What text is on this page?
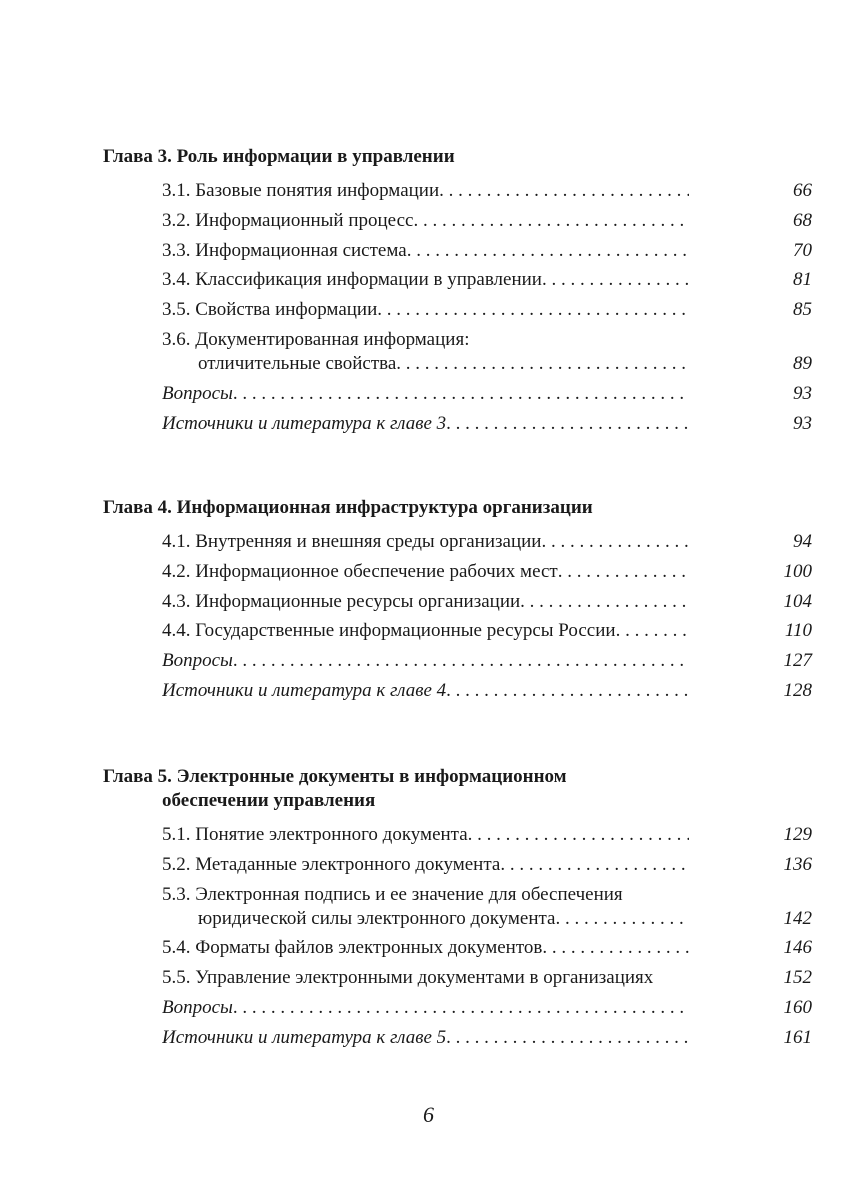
Глава 3. Роль информации в управлении
3.1. Базовые понятия информации . . .	66
3.2. Информационный процесс . . .	68
3.3. Информационная система . . .	70
3.4. Классификация информации в управлении . . .	81
3.5. Свойства информации . . .	85
3.6. Документированная информация:
отличительные свойства . . .	89
Вопросы . . .	93
Источники и литература к главе 3 . . .	93
Глава 4. Информационная инфраструктура организации
4.1. Внутренняя и внешняя среды организации . . .	94
4.2. Информационное обеспечение рабочих мест . . .	100
4.3. Информационные ресурсы организации . . .	104
4.4. Государственные информационные ресурсы России . . .	110
Вопросы . . .	127
Источники и литература к главе 4 . . .	128
Глава 5. Электронные документы в информационном
обеспечении управления
5.1. Понятие электронного документа . . .	129
5.2. Метаданные электронного документа . . .	136
5.3. Электронная подпись и ее значение для обеспечения
юридической силы электронного документа . . .	142
5.4. Форматы файлов электронных документов . . .	146
5.5. Управление электронными документами в организациях	152
Вопросы . . .	160
Источники и литература к главе 5 . . .	161
6
